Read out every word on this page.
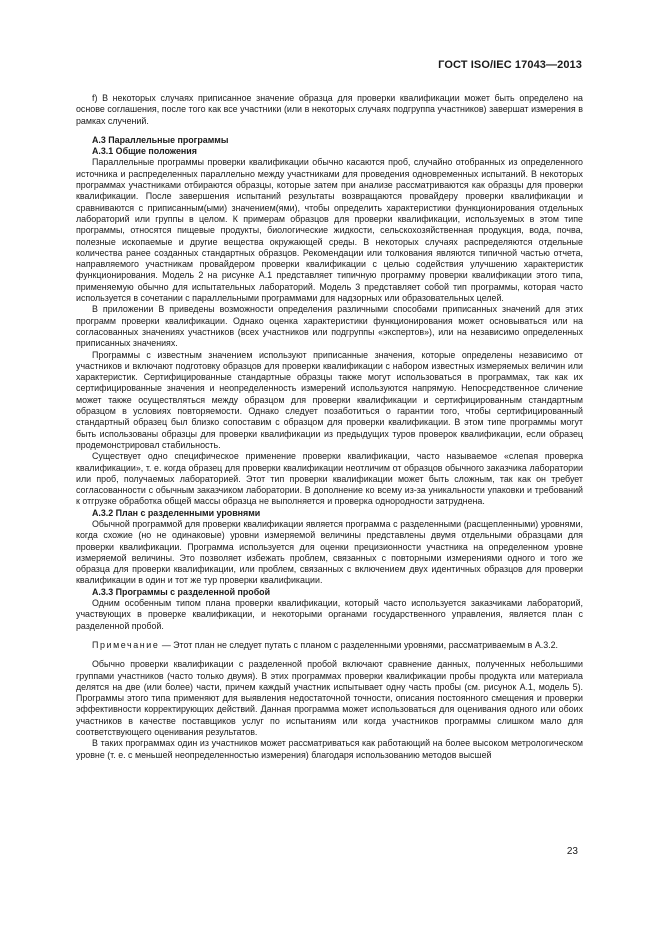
ГОСТ ISO/IEC 17043—2013

f) В некоторых случаях приписанное значение образца для проверки квалификации может быть определено на основе соглашения, после того как все участники (или в некоторых случаях подгруппа участников) завершат измерения в рамках случений.

А.3 Параллельные программы

А.3.1 Общие положения

Параллельные программы проверки квалификации обычно касаются проб, случайно отобранных из определенного источника и распределенных параллельно между участниками для проведения одновременных испытаний. В некоторых программах участниками отбираются образцы, которые затем при анализе рассматриваются как образцы для проверки квалификации. После завершения испытаний результаты возвращаются провайдеру проверки квалификации и сравниваются с приписанным(ыми) значением(ями), чтобы определить характеристики функционирования отдельных лабораторий или группы в целом. К примерам образцов для проверки квалификации, используемых в этом типе программы, относятся пищевые продукты, биологические жидкости, сельскохозяйственная продукция, вода, почва, полезные ископаемые и другие вещества окружающей среды. В некоторых случаях распределяются отдельные количества ранее созданных стандартных образцов. Рекомендации или толкования являются типичной частью отчета, направляемого участникам провайдером проверки квалификации с целью содействия улучшению характеристик функционирования. Модель 2 на рисунке А.1 представляет типичную программу проверки квалификации этого типа, применяемую обычно для испытательных лабораторий. Модель 3 представляет собой тип программы, которая часто используется в сочетании с параллельными программами для надзорных или образовательных целей.

В приложении В приведены возможности определения различными способами приписанных значений для этих программ проверки квалификации. Однако оценка характеристики функционирования может основываться или на согласованных значениях участников (всех участников или подгруппы «экспертов»), или на независимо определенных приписанных значениях.

Программы с известным значением используют приписанные значения, которые определены независимо от участников и включают подготовку образцов для проверки квалификации с набором известных измеряемых величин или характеристик. Сертифицированные стандартные образцы также могут использоваться в программах, так как их сертифицированные значения и неопределенность измерений используются напрямую. Непосредственное сличение может также осуществляться между образцом для проверки квалификации и сертифицированным стандартным образцом в условиях повторяемости. Однако следует позаботиться о гарантии того, чтобы сертифицированный стандартный образец был близко сопоставим с образцом для проверки квалификации. В этом типе программы могут быть использованы образцы для проверки квалификации из предыдущих туров проверок квалификации, если образец продемонстрировал стабильность.

Существует одно специфическое применение проверки квалификации, часто называемое «слепая проверка квалификации», т. е. когда образец для проверки квалификации неотличим от образцов обычного заказчика лаборатории или проб, получаемых лабораторией. Этот тип проверки квалификации может быть сложным, так как он требует согласованности с обычным заказчиком лаборатории. В дополнение ко всему из-за уникальности упаковки и требований к отгрузке обработка общей массы образца не выполняется и проверка однородности затруднена.

А.3.2 План с разделенными уровнями

Обычной программой для проверки квалификации является программа с разделенными (расщепленными) уровнями, когда схожие (но не одинаковые) уровни измеряемой величины представлены двумя отдельными образцами для проверки квалификации. Программа используется для оценки прецизионности участника на определенном уровне измеряемой величины. Это позволяет избежать проблем, связанных с повторными измерениями одного и того же образца для проверки квалификации, или проблем, связанных с включением двух идентичных образцов для проверки квалификации в один и тот же тур проверки квалификации.

А.3.3 Программы с разделенной пробой

Одним особенным типом плана проверки квалификации, который часто используется заказчиками лабораторий, участвующих в проверке квалификации, и некоторыми органами государственного управления, является план с разделенной пробой.

Примечание — Этот план не следует путать с планом с разделенными уровнями, рассматриваемым в А.3.2.

Обычно проверки квалификации с разделенной пробой включают сравнение данных, полученных небольшими группами участников (часто только двумя). В этих программах проверки квалификации пробы продукта или материала делятся на две (или более) части, причем каждый участник испытывает одну часть пробы (см. рисунок А.1, модель 5). Программы этого типа применяют для выявления недостаточной точности, описания постоянного смещения и проверки эффективности корректирующих действий. Данная программа может использоваться для оценивания одного или обоих участников в качестве поставщиков услуг по испытаниям или когда участников программы слишком мало для соответствующего оценивания результатов.

В таких программах один из участников может рассматриваться как работающий на более высоком метрологическом уровне (т. е. с меньшей неопределенностью измерения) благодаря использованию методов высшей

23
